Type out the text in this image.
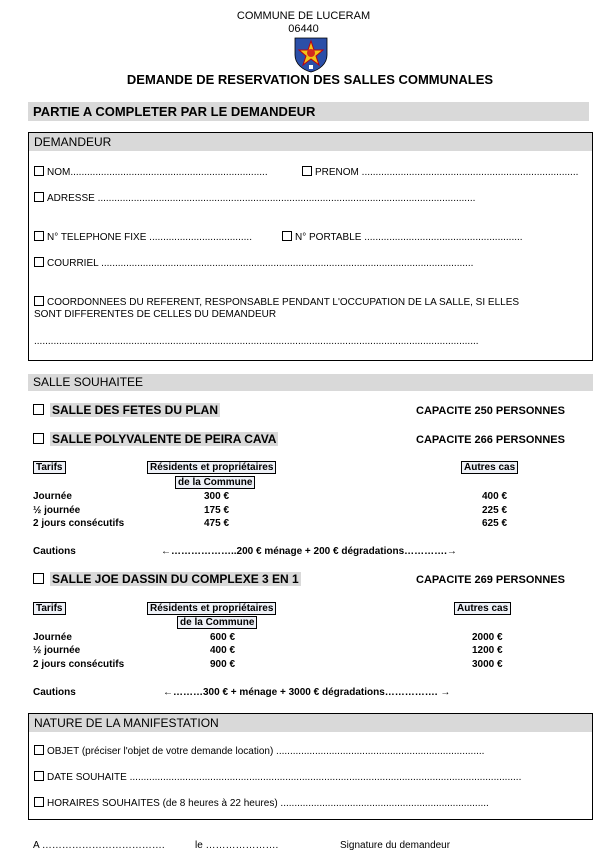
COMMUNE DE LUCERAM
06440
DEMANDE DE RESERVATION DES SALLES COMMUNALES
PARTIE A COMPLETER PAR LE DEMANDEUR
DEMANDEUR
NOM.......................................................................	PRENOM ..............................................................................
ADRESSE ........................................................................................................................................
N° TELEPHONE FIXE .....................................	N° PORTABLE .........................................................
COURRIEL ......................................................................................................................................
COORDONNEES DU REFERENT, RESPONSABLE PENDANT L'OCCUPATION DE LA SALLE, SI ELLES
SONT DIFFERENTES DE CELLES DU DEMANDEUR
................................................................................................................................................................
SALLE SOUHAITEE
SALLE DES FETES DU PLAN	CAPACITE 250 PERSONNES
SALLE POLYVALENTE DE PEIRA CAVA	CAPACITE 266 PERSONNES
Tarifs	Résidents et propriétaires
de la Commune
Autres cas
Journée	300 €	400 €
½ journée	175 €	225 €
2 jours consécutifs	475 €	625 €
Cautions	←………………..200 € ménage + 200 € dégradations………….→
SALLE JOE DASSIN DU COMPLEXE 3 EN 1	CAPACITE 269 PERSONNES
Tarifs	Résidents et propriétaires
de la Commune
Autres cas
Journée	600 €	2000 €
½ journée	400 €	1200 €
2 jours consécutifs	900 €	3000 €
Cautions	←………300 € + ménage + 3000 € dégradations……………. →
NATURE DE LA MANIFESTATION
OBJET (préciser l'objet de votre demande location) ...........................................................................
DATE SOUHAITE .............................................................................................................................................
HORAIRES SOUHAITES (de 8 heures à 22 heures) ...........................................................................
A ……………………………….	le ………………….	Signature du demandeur
